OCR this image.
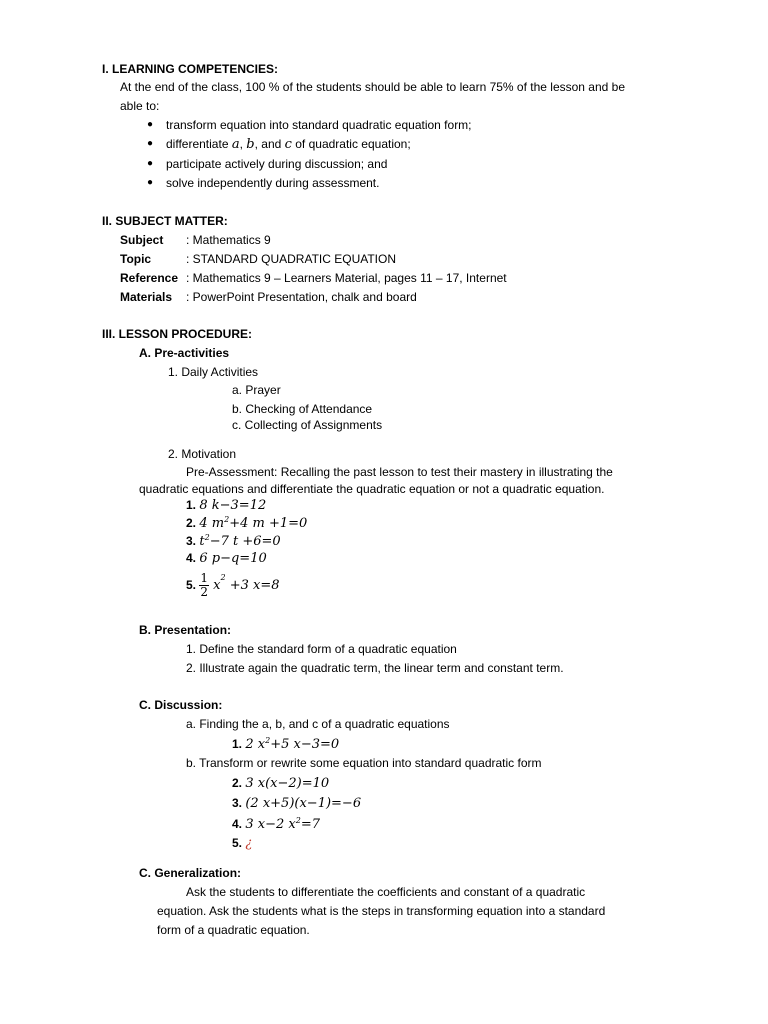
I. LEARNING COMPETENCIES:
At the end of the class, 100 % of the students should be able to learn 75% of the lesson and be
able to:
● transform equation into standard quadratic equation form;
● differentiate a, b, and c of quadratic equation;
● participate actively during discussion; and
● solve independently during assessment.
II. SUBJECT MATTER:
Subject : Mathematics 9
Topic	: STANDARD QUADRATIC EQUATION
Reference : Mathematics 9 – Learners Material, pages 11 – 17, Internet
Materials : PowerPoint Presentation, chalk and board
III. LESSON PROCEDURE:
A. Pre-activities
1. Daily Activities
a. Prayer
b. Checking of Attendance
c. Collecting of Assignments
2. Motivation
Pre-Assessment: Recalling the past lesson to test their mastery in illustrating the
quadratic equations and differentiate the quadratic equation or not a quadratic equation.
1. 8 k−3=12
2. 4 $m^2+4$ m +1=0
3. $t^2-7$ t +6=0
4. 6 p−q=10
5. $\frac{1}{2} x^2 +3$ x=8
B. Presentation:
1. Define the standard form of a quadratic equation
2. Illustrate again the quadratic term, the linear term and constant term.
C. Discussion:
a. Finding the a, b, and c of a quadratic equations
1. 2 $x^2+5$ x−3=0
b. Transform or rewrite some equation into standard quadratic form
2. 3 x(x−2)=10
3. (2 x+5)(x−1)=−6
4. 3 x−2 $x^2=7$
5. ¿
C. Generalization:
Ask the students to differentiate the coefficients and constant of a quadratic
equation. Ask the students what is the steps in transforming equation into a standard
form of a quadratic equation.
